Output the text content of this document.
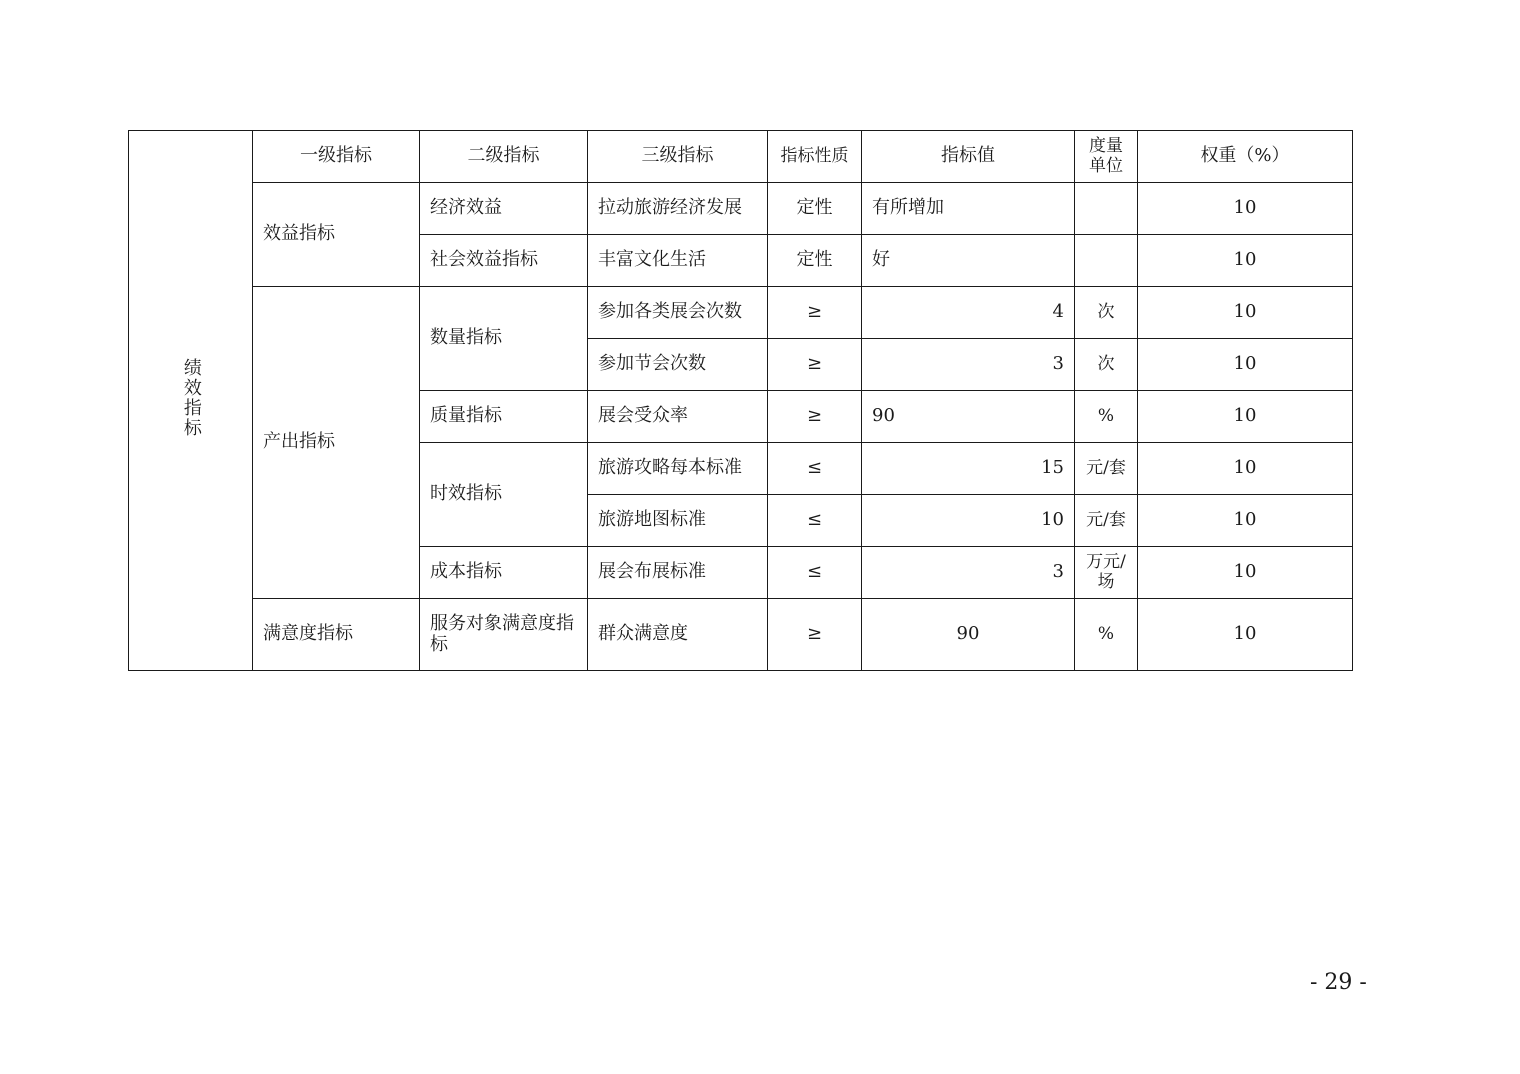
绩效指标	一级指标	二级指标	三级指标	指标性质	指标值	度量单位	权重（%）
	效益指标	经济效益	拉动旅游经济发展	定性	有所增加		10
		社会效益指标	丰富文化生活	定性	好		10
	产出指标	数量指标	参加各类展会次数	≥	4	次	10
			参加节会次数	≥	3	次	10
		质量指标	展会受众率	≥	90	%	10
		时效指标	旅游攻略每本标准	≤	15	元/套	10
			旅游地图标准	≤	10	元/套	10
		成本指标	展会布展标准	≤	3	万元/场	10
	满意度指标	服务对象满意度指标	群众满意度	≥	90	%	10
- 29 -
